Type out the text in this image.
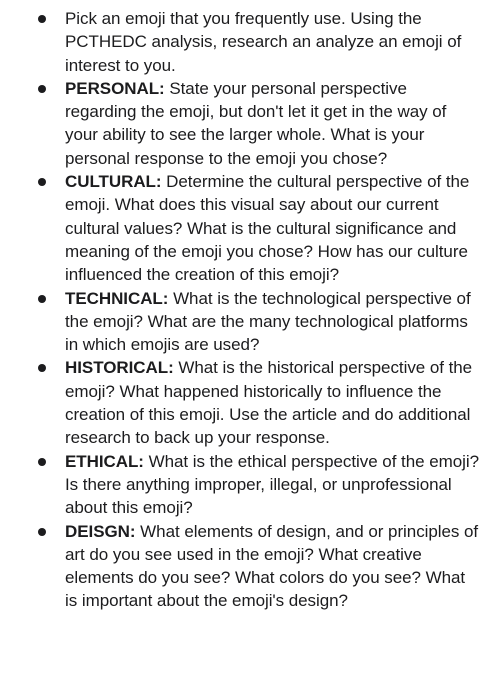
Pick an emoji that you frequently use. Using the PCTHEDC analysis, research an analyze an emoji of interest to you.
PERSONAL: State your personal perspective regarding the emoji, but don't let it get in the way of your ability to see the larger whole. What is your personal response to the emoji you chose?
CULTURAL: Determine the cultural perspective of the emoji. What does this visual say about our current cultural values? What is the cultural significance and meaning of the emoji you chose? How has our culture influenced the creation of this emoji?
TECHNICAL: What is the technological perspective of the emoji? What are the many technological platforms in which emojis are used?
HISTORICAL: What is the historical perspective of the emoji? What happened historically to influence the creation of this emoji. Use the article and do additional research to back up your response.
ETHICAL: What is the ethical perspective of the emoji? Is there anything improper, illegal, or unprofessional about this emoji?
DEISGN: What elements of design, and or principles of art do you see used in the emoji? What creative elements do you see? What colors do you see? What is important about the emoji's design?
